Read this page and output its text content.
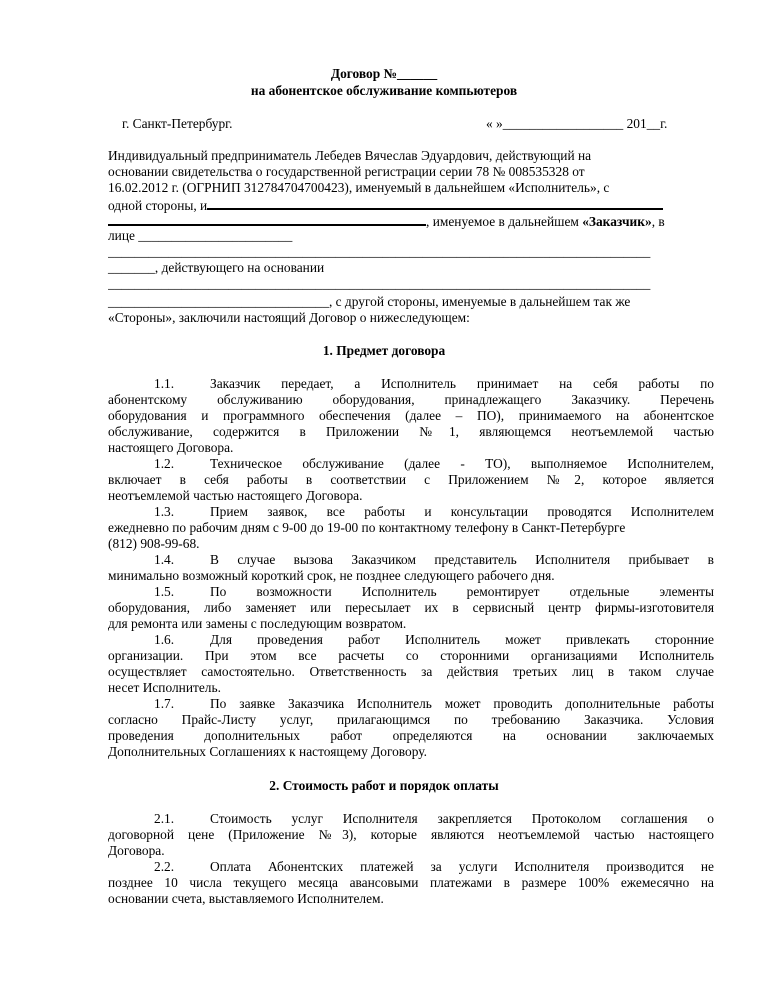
Договор №______
на абонентское обслуживание компьютеров
г. Санкт-Петербург.	« »__________________ 201__г.
Индивидуальный предприниматель Лебедев Вячеслав Эдуардович, действующий на
основании свидетельства о государственной регистрации серии 78 № 008535328 от
16.02.2012 г. (ОГРНИП 312784704700423), именуемый в дальнейшем «Исполнитель», с
одной стороны, и
, именуемое в дальнейшем «Заказчик», в
лице _______________________
_________________________________________________________________________________
_______, действующего на основании
_________________________________________________________________________________
_________________________________, с другой стороны, именуемые в дальнейшем так же
«Стороны», заключили настоящий Договор о нижеследующем:
1. Предмет договора
1.1.	Заказчик передает, а Исполнитель принимает на себя работы по
абонентскому обслуживанию оборудования, принадлежащего Заказчику. Перечень
оборудования и программного обеспечения (далее – ПО), принимаемого на абонентское
обслуживание, содержится в Приложении №1, являющемся неотъемлемой частью
настоящего Договора.
1.2.	Техническое обслуживание (далее - ТО), выполняемое Исполнителем,
включает в себя работы в соответствии с Приложением №2, которое является
неотъемлемой частью настоящего Договора.
1.3.	Прием заявок, все работы и консультации проводятся Исполнителем
ежедневно по рабочим дням с 9-00 до 19-00 по контактному телефону в Санкт-Петербурге
(812) 908-99-68.
1.4.	В случае вызова Заказчиком представитель Исполнителя прибывает в
минимально возможный короткий срок, не позднее следующего рабочего дня.
1.5.	По возможности Исполнитель ремонтирует отдельные элементы
оборудования, либо заменяет или пересылает их в сервисный центр фирмы-изготовителя
для ремонта или замены с последующим возвратом.
1.6.	Для проведения работ Исполнитель может привлекать сторонние
организации. При этом все расчеты со сторонними организациями Исполнитель
осуществляет самостоятельно. Ответственность за действия третьих лиц в таком случае
несет Исполнитель.
1.7.	По заявке Заказчика Исполнитель может проводить дополнительные работы
согласно Прайс-Листу услуг, прилагающимся по требованию Заказчика. Условия
проведения дополнительных работ определяются на основании заключаемых
Дополнительных Соглашениях к настоящему Договору.
2. Стоимость работ и порядок оплаты
2.1.	Стоимость услуг Исполнителя закрепляется Протоколом соглашения о
договорной цене (Приложение №3), которые являются неотъемлемой частью настоящего
Договора.
2.2.	Оплата Абонентских платежей за услуги Исполнителя производится не
позднее 10 числа текущего месяца авансовыми платежами в размере 100% ежемесячно на
основании счета, выставляемого Исполнителем.
